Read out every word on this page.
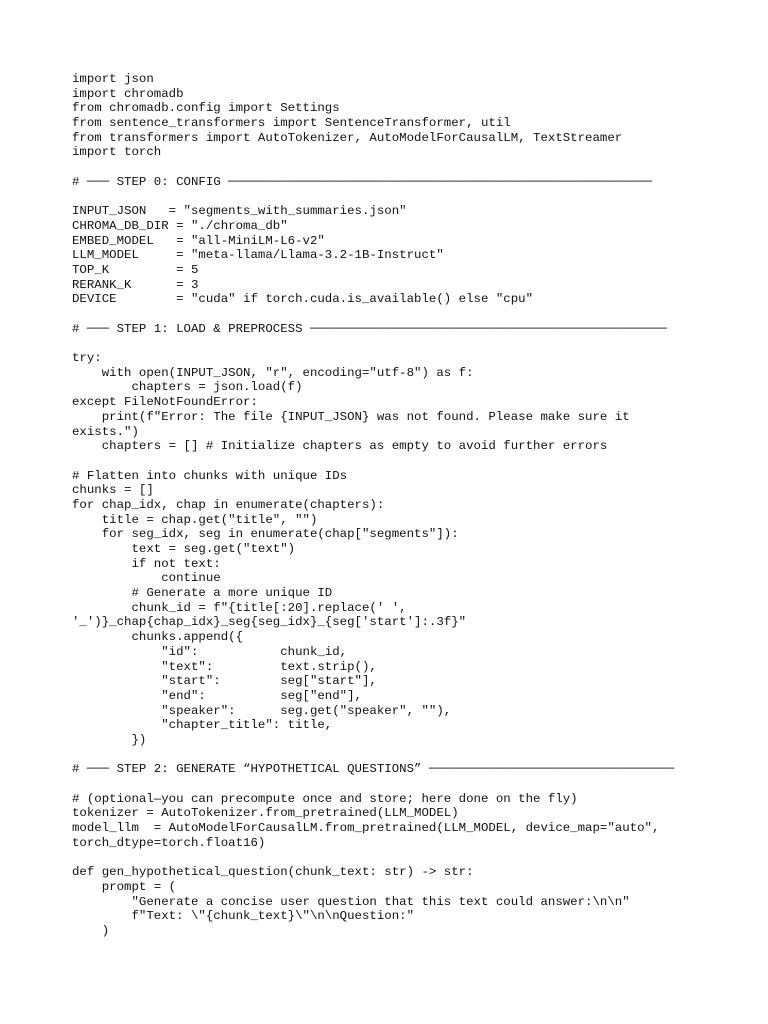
import json
import chromadb
from chromadb.config import Settings
from sentence_transformers import SentenceTransformer, util
from transformers import AutoTokenizer, AutoModelForCausalLM, TextStreamer
import torch
# ─── STEP 0: CONFIG ─────────────────────────────────────────────────────────
INPUT_JSON   = "segments_with_summaries.json"
CHROMA_DB_DIR = "./chroma_db"
EMBED_MODEL   = "all-MiniLM-L6-v2"
LLM_MODEL     = "meta-llama/Llama-3.2-1B-Instruct"
TOP_K         = 5
RERANK_K      = 3
DEVICE        = "cuda" if torch.cuda.is_available() else "cpu"
# ─── STEP 1: LOAD & PREPROCESS ────────────────────────────────────────────────
try:
with open(INPUT_JSON, "r", encoding="utf-8") as f:
chapters = json.load(f)
except FileNotFoundError:
print(f"Error: The file {INPUT_JSON} was not found. Please make sure it
exists.")
chapters = [] # Initialize chapters as empty to avoid further errors
# Flatten into chunks with unique IDs
chunks = []
for chap_idx, chap in enumerate(chapters):
title = chap.get("title", "")
for seg_idx, seg in enumerate(chap["segments"]):
text = seg.get("text")
if not text:
continue
# Generate a more unique ID
chunk_id = f"{title[:20].replace(' ',
'_')}_chap{chap_idx}_seg{seg_idx}_{seg['start']:.3f}"
chunks.append({
"id":           chunk_id,
"text":         text.strip(),
"start":        seg["start"],
"end":          seg["end"],
"speaker":      seg.get("speaker", ""),
"chapter_title": title,
})
# ─── STEP 2: GENERATE “HYPOTHETICAL QUESTIONS” ─────────────────────────────────
# (optional—you can precompute once and store; here done on the fly)
tokenizer = AutoTokenizer.from_pretrained(LLM_MODEL)
model_llm  = AutoModelForCausalLM.from_pretrained(LLM_MODEL, device_map="auto",
torch_dtype=torch.float16)
def gen_hypothetical_question(chunk_text: str) -> str:
prompt = (
"Generate a concise user question that this text could answer:\n\n"
f"Text: \"{chunk_text}\"\n\nQuestion:"
)
